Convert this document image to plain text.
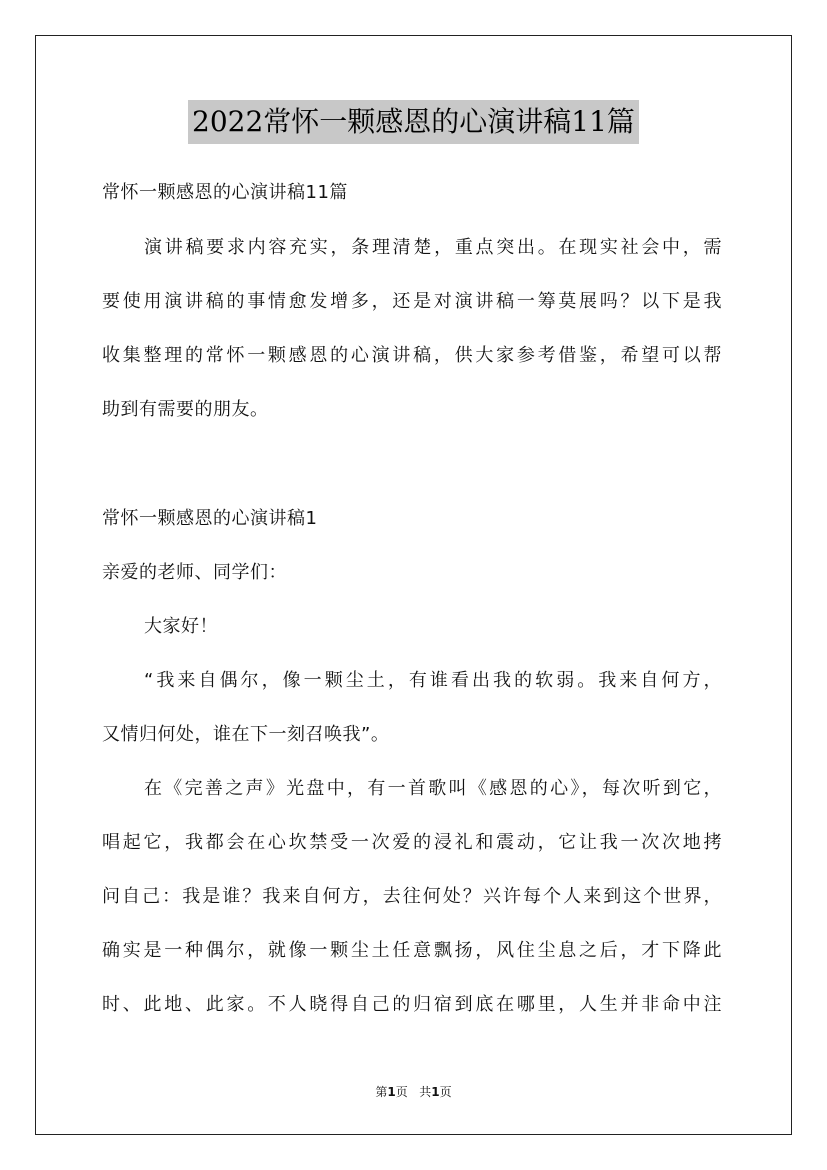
2022常怀一颗感恩的心演讲稿11篇
常怀一颗感恩的心演讲稿11篇
演讲稿要求内容充实，条理清楚，重点突出。在现实社会中，需
要使用演讲稿的事情愈发增多，还是对演讲稿一筹莫展吗？以下是我
收集整理的常怀一颗感恩的心演讲稿，供大家参考借鉴，希望可以帮
助到有需要的朋友。
常怀一颗感恩的心演讲稿1
亲爱的老师、同学们：
大家好！
“我来自偶尔，像一颗尘土，有谁看出我的软弱。我来自何方，
又情归何处，谁在下一刻召唤我”。
在《完善之声》光盘中，有一首歌叫《感恩的心》，每次听到它，
唱起它，我都会在心坎禁受一次爱的浸礼和震动，它让我一次次地拷
问自己：我是谁？我来自何方，去往何处？兴许每个人来到这个世界，
确实是一种偶尔，就像一颗尘土任意飘扬，风住尘息之后，才下降此
时、此地、此家。不人晓得自己的归宿到底在哪里，人生并非命中注
第1页   共1页
